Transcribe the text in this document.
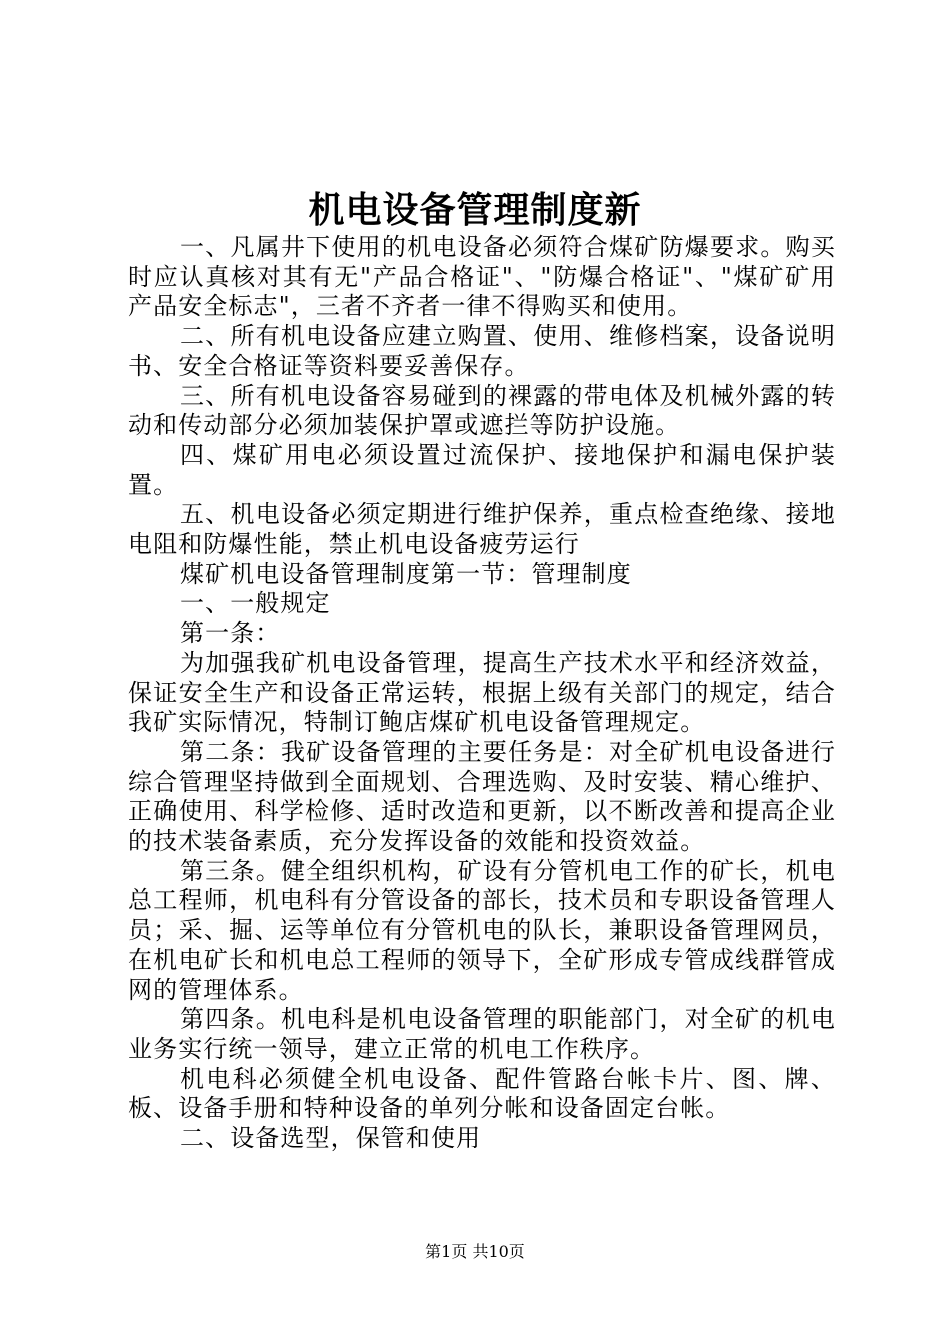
机电设备管理制度新

一、凡属井下使用的机电设备必须符合煤矿防爆要求。购买时应认真核对其有无"产品合格证"、"防爆合格证"、"煤矿矿用产品安全标志"，三者不齐者一律不得购买和使用。

二、所有机电设备应建立购置、使用、维修档案，设备说明书、安全合格证等资料要妥善保存。

三、所有机电设备容易碰到的裸露的带电体及机械外露的转动和传动部分必须加装保护罩或遮拦等防护设施。

四、煤矿用电必须设置过流保护、接地保护和漏电保护装置。

五、机电设备必须定期进行维护保养，重点检查绝缘、接地电阻和防爆性能，禁止机电设备疲劳运行

煤矿机电设备管理制度第一节：管理制度

一、一般规定

第一条：

为加强我矿机电设备管理，提高生产技术水平和经济效益，保证安全生产和设备正常运转，根据上级有关部门的规定，结合我矿实际情况，特制订鲍店煤矿机电设备管理规定。

第二条：我矿设备管理的主要任务是：对全矿机电设备进行综合管理坚持做到全面规划、合理选购、及时安装、精心维护、正确使用、科学检修、适时改造和更新，以不断改善和提高企业的技术装备素质，充分发挥设备的效能和投资效益。

第三条。健全组织机构，矿设有分管机电工作的矿长，机电总工程师，机电科有分管设备的部长，技术员和专职设备管理人员；采、掘、运等单位有分管机电的队长，兼职设备管理网员，在机电矿长和机电总工程师的领导下，全矿形成专管成线群管成网的管理体系。

第四条。机电科是机电设备管理的职能部门，对全矿的机电业务实行统一领导，建立正常的机电工作秩序。

机电科必须健全机电设备、配件管路台帐卡片、图、牌、板、设备手册和特种设备的单列分帐和设备固定台帐。

二、设备选型，保管和使用

第1页 共10页
